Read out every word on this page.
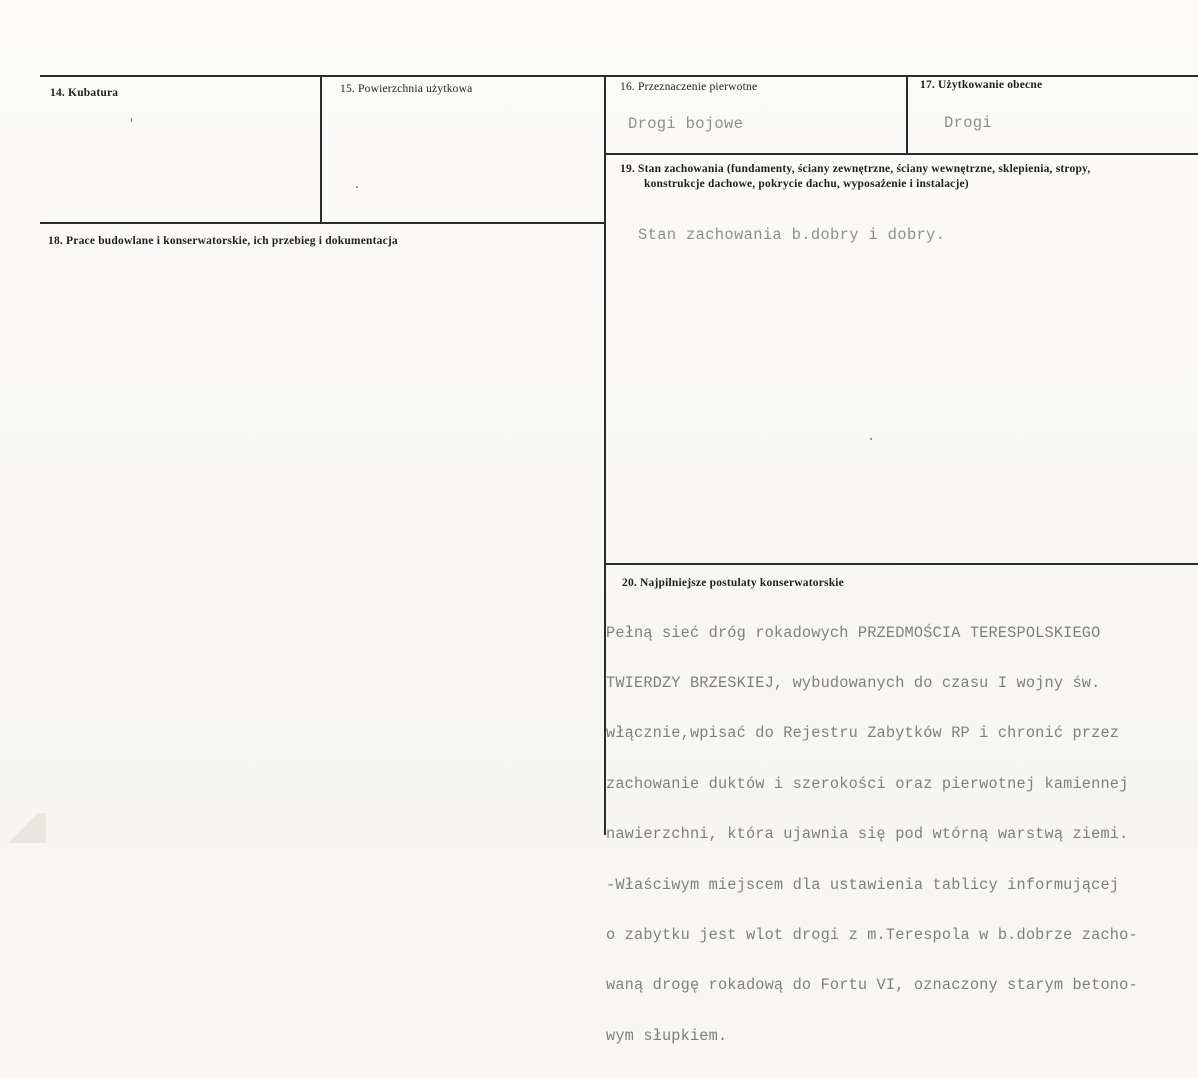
14. Kubatura	15. Powierzchnia użytkowa	16. Przeznaczenie pierwotne
Drogi bojowe
17. Użytkowanie obecne
Drogi
19. Stan zachowania (fundamenty, ściany zewnętrzne, ściany wewnętrzne, sklepienia, stropy,
konstrukcje dachowe, pokrycie dachu, wyposażenie i instalacje)
Stan zachowania b.dobry i dobry.
18. Prace budowlane i konserwatorskie, ich przebieg i dokumentacja
20. Najpilniejsze postulaty konserwatorskie

Pełną sieć dróg rokadowych PRZEDMOŚCIA TERESPOLSKIEGO

TWIERDZY BRZESKIEJ, wybudowanych do czasu I wojny św.

włącznie,wpisać do Rejestru Zabytków RP i chronić przez

zachowanie duktów i szerokości oraz pierwotnej kamiennej

nawierzchni, która ujawnia się pod wtórną warstwą ziemi.

-Właściwym miejscem dla ustawienia tablicy informującej

o zabytku jest wlot drogi z m.Terespola w b.dobrze zacho-

waną drogę rokadową do Fortu VI, oznaczony starym betono-

wym słupkiem.
